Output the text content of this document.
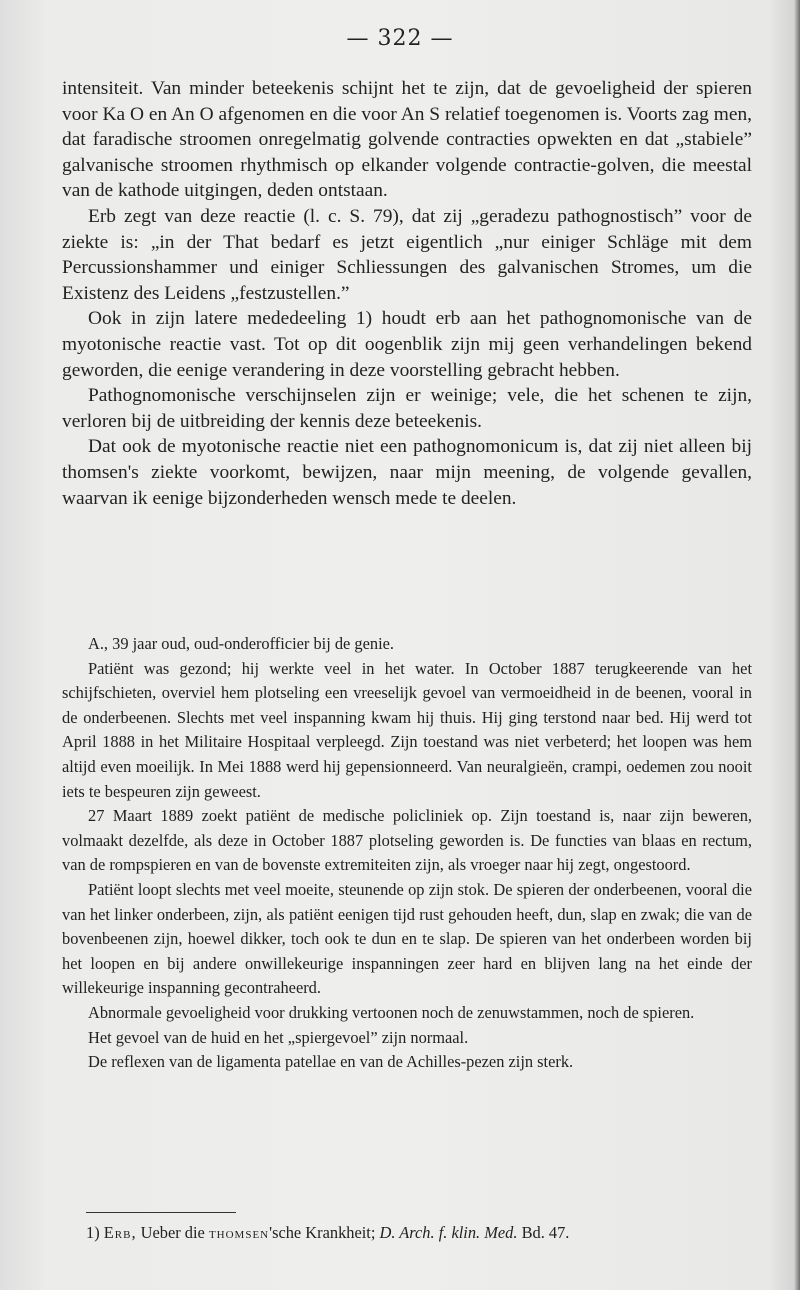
— 322 —

intensiteit. Van minder beteekenis schijnt het te zijn, dat de gevoeligheid der spieren voor Ka O en An O afgenomen en die voor An S relatief toegenomen is. Voorts zag men, dat faradische stroomen onregelmatig golvende contracties opwekten en dat „stabiele” galvanische stroomen rhythmisch op elkander volgende contractie-golven, die meestal van de kathode uitgingen, deden ontstaan.

Erb zegt van deze reactie (l. c. S. 79), dat zij „geradezu pathognostisch” voor de ziekte is: „in der That bedarf es jetzt eigentlich „nur einiger Schläge mit dem Percussionshammer und einiger Schliessungen des galvanischen Stromes, um die Existenz des Leidens „festzustellen.”

Ook in zijn latere mededeeling 1) houdt erb aan het pathognomonische van de myotonische reactie vast. Tot op dit oogenblik zijn mij geen verhandelingen bekend geworden, die eenige verandering in deze voorstelling gebracht hebben.

Pathognomonische verschijnselen zijn er weinige; vele, die het schenen te zijn, verloren bij de uitbreiding der kennis deze beteekenis.

Dat ook de myotonische reactie niet een pathognomonicum is, dat zij niet alleen bij thomsen's ziekte voorkomt, bewijzen, naar mijn meening, de volgende gevallen, waarvan ik eenige bijzonderheden wensch mede te deelen.

A., 39 jaar oud, oud-onderofficier bij de genie.

Patiënt was gezond; hij werkte veel in het water. In October 1887 terugkeerende van het schijfschieten, overviel hem plotseling een vreeselijk gevoel van vermoeidheid in de beenen, vooral in de onderbeenen. Slechts met veel inspanning kwam hij thuis. Hij ging terstond naar bed. Hij werd tot April 1888 in het Militaire Hospitaal verpleegd. Zijn toestand was niet verbeterd; het loopen was hem altijd even moeilijk. In Mei 1888 werd hij gepensionneerd. Van neuralgieën, crampi, oedemen zou nooit iets te bespeuren zijn geweest.

27 Maart 1889 zoekt patiënt de medische policliniek op. Zijn toestand is, naar zijn beweren, volmaakt dezelfde, als deze in October 1887 plotseling geworden is. De functies van blaas en rectum, van de rompspieren en van de bovenste extremiteiten zijn, als vroeger naar hij zegt, ongestoord.

Patiënt loopt slechts met veel moeite, steunende op zijn stok. De spieren der onderbeenen, vooral die van het linker onderbeen, zijn, als patiënt eenigen tijd rust gehouden heeft, dun, slap en zwak; die van de bovenbeenen zijn, hoewel dikker, toch ook te dun en te slap. De spieren van het onderbeen worden bij het loopen en bij andere onwillekeurige inspanningen zeer hard en blijven lang na het einde der willekeurige inspanning gecontraheerd.

Abnormale gevoeligheid voor drukking vertoonen noch de zenuwstammen, noch de spieren.

Het gevoel van de huid en het „spiergevoel” zijn normaal.

De reflexen van de ligamenta patellae en van de Achilles-pezen zijn sterk.

1) Erb, Ueber die thomsen'sche Krankheit; D. Arch. f. klin. Med. Bd. 47.
